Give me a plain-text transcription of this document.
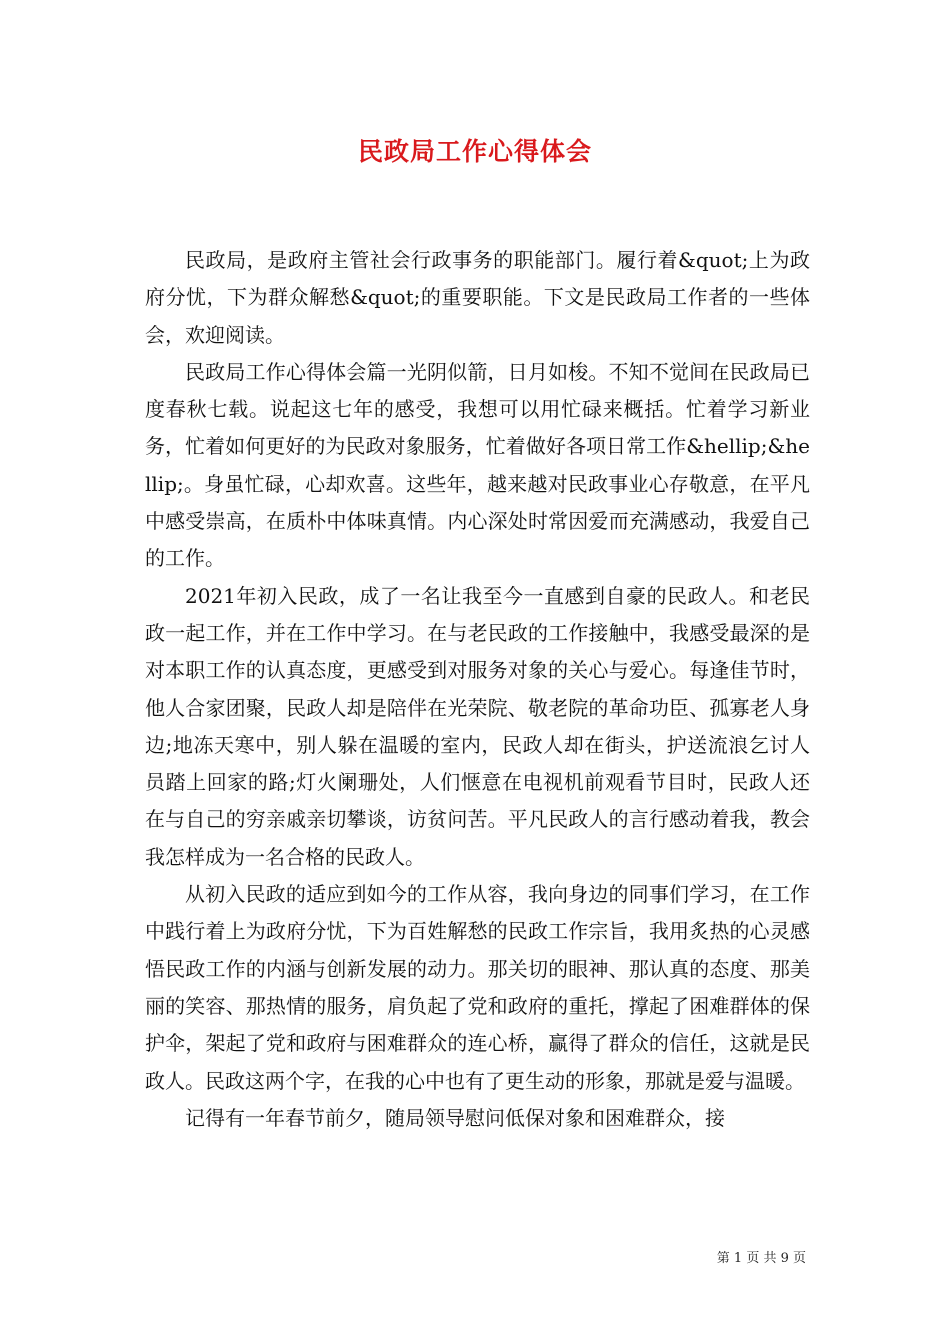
民政局工作心得体会

民政局，是政府主管社会行政事务的职能部门。履行着&quot;上为政府分忧，下为群众解愁&quot;的重要职能。下文是民政局工作者的一些体会，欢迎阅读。

民政局工作心得体会篇一光阴似箭，日月如梭。不知不觉间在民政局已度春秋七载。说起这七年的感受，我想可以用忙碌来概括。忙着学习新业务，忙着如何更好的为民政对象服务，忙着做好各项日常工作&hellip;&hellip;。身虽忙碌，心却欢喜。这些年，越来越对民政事业心存敬意，在平凡中感受崇高，在质朴中体味真情。内心深处时常因爱而充满感动，我爱自己的工作。

2021年初入民政，成了一名让我至今一直感到自豪的民政人。和老民政一起工作，并在工作中学习。在与老民政的工作接触中，我感受最深的是对本职工作的认真态度，更感受到对服务对象的关心与爱心。每逢佳节时，他人合家团聚，民政人却是陪伴在光荣院、敬老院的革命功臣、孤寡老人身边;地冻天寒中，别人躲在温暖的室内，民政人却在街头，护送流浪乞讨人员踏上回家的路;灯火阑珊处，人们惬意在电视机前观看节目时，民政人还在与自己的穷亲戚亲切攀谈，访贫问苦。平凡民政人的言行感动着我，教会我怎样成为一名合格的民政人。

从初入民政的适应到如今的工作从容，我向身边的同事们学习，在工作中践行着上为政府分忧，下为百姓解愁的民政工作宗旨，我用炙热的心灵感悟民政工作的内涵与创新发展的动力。那关切的眼神、那认真的态度、那美丽的笑容、那热情的服务，肩负起了党和政府的重托，撑起了困难群体的保护伞，架起了党和政府与困难群众的连心桥，赢得了群众的信任，这就是民政人。民政这两个字，在我的心中也有了更生动的形象，那就是爱与温暖。

记得有一年春节前夕，随局领导慰问低保对象和困难群众，接

第 1 页 共 9 页
